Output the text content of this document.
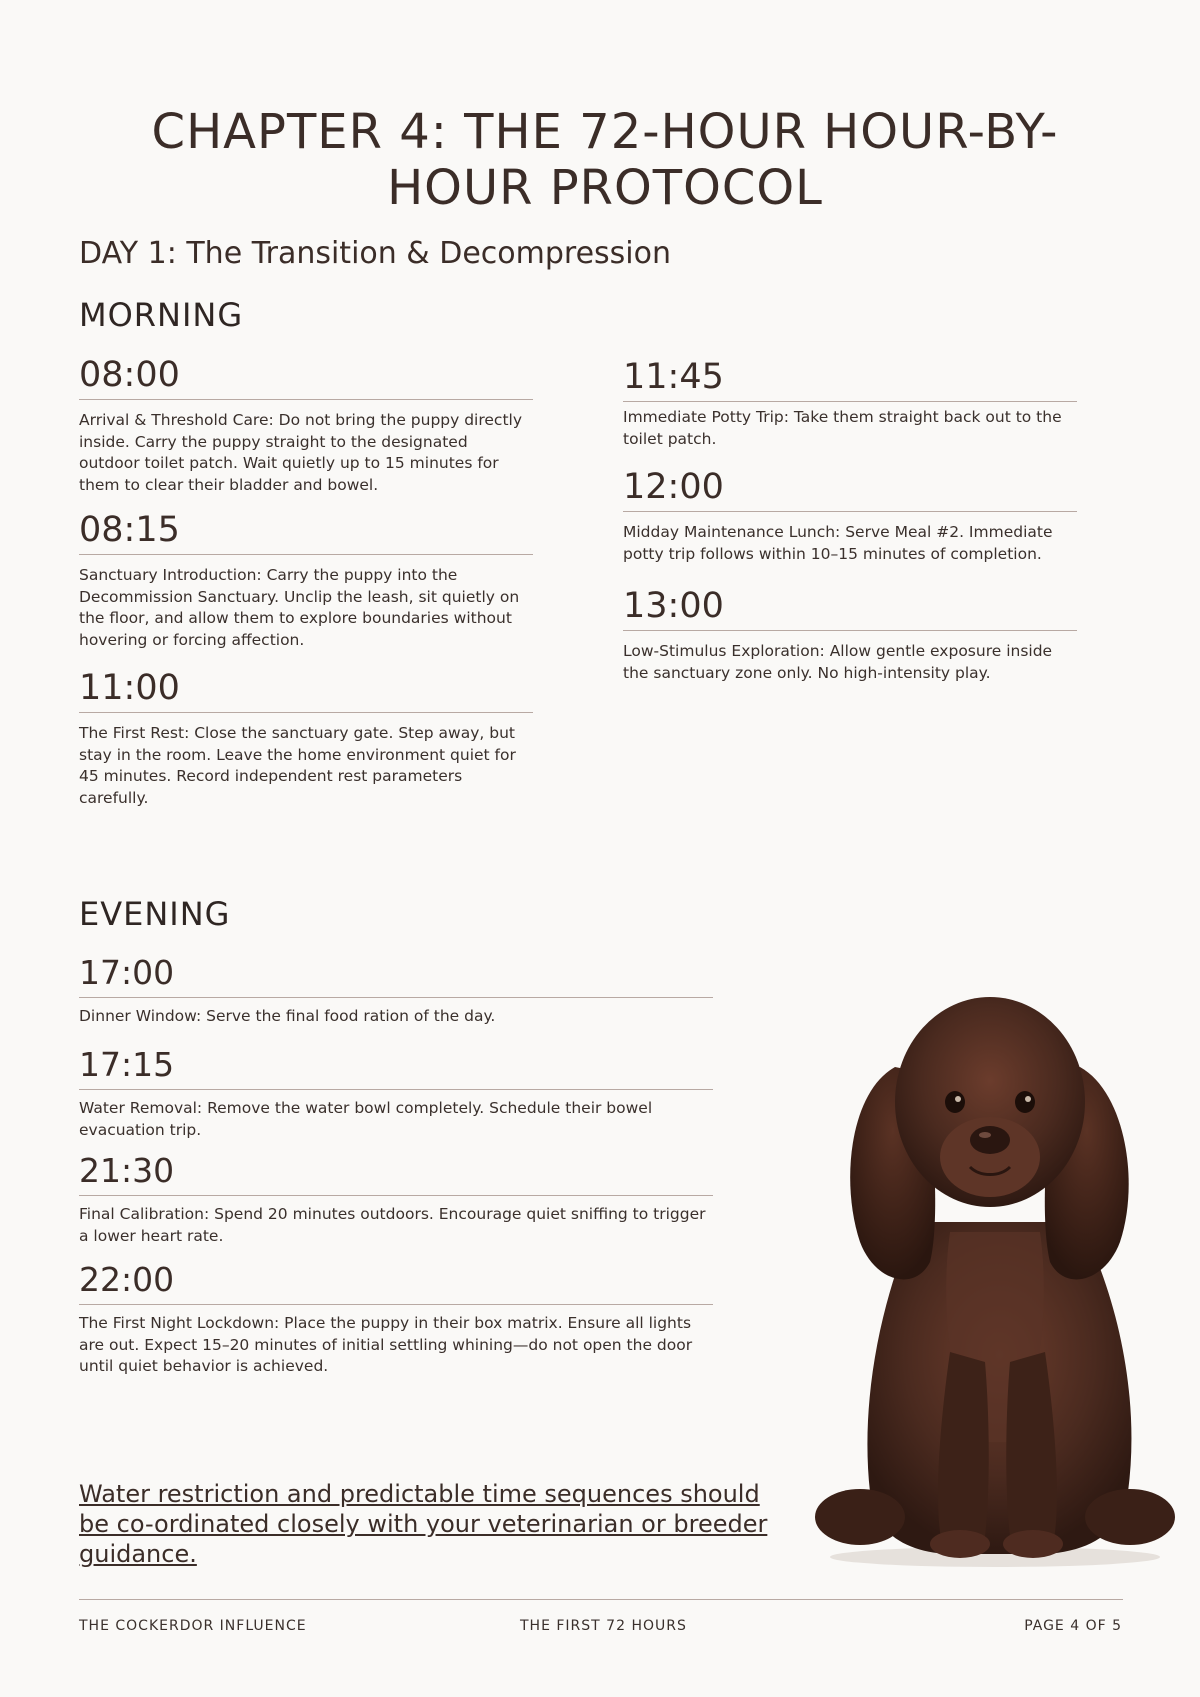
CHAPTER 4: THE 72-HOUR HOUR-BY-HOUR PROTOCOL
DAY 1: The Transition & Decompression
MORNING
08:00
Arrival & Threshold Care: Do not bring the puppy directly inside. Carry the puppy straight to the designated outdoor toilet patch. Wait quietly up to 15 minutes for them to clear their bladder and bowel.
08:15
Sanctuary Introduction: Carry the puppy into the Decommission Sanctuary. Unclip the leash, sit quietly on the floor, and allow them to explore boundaries without hovering or forcing affection.
11:00
The First Rest: Close the sanctuary gate. Step away, but stay in the room. Leave the home environment quiet for 45 minutes. Record independent rest parameters carefully.
11:45
Immediate Potty Trip: Take them straight back out to the toilet patch.
12:00
Midday Maintenance Lunch: Serve Meal #2. Immediate potty trip follows within 10–15 minutes of completion.
13:00
Low-Stimulus Exploration: Allow gentle exposure inside the sanctuary zone only. No high-intensity play.
EVENING
17:00
Dinner Window: Serve the final food ration of the day.
17:15
Water Removal: Remove the water bowl completely. Schedule their bowel evacuation trip.
21:30
Final Calibration: Spend 20 minutes outdoors. Encourage quiet sniffing to trigger a lower heart rate.
22:00
The First Night Lockdown: Place the puppy in their box matrix. Ensure all lights are out. Expect 15–20 minutes of initial settling whining—do not open the door until quiet behavior is achieved.

Water restriction and predictable time sequences should be co-ordinated closely with your veterinarian or breeder guidance.

THE COCKERDOR INFLUENCE	THE FIRST 72 HOURS	PAGE 4 OF 5
